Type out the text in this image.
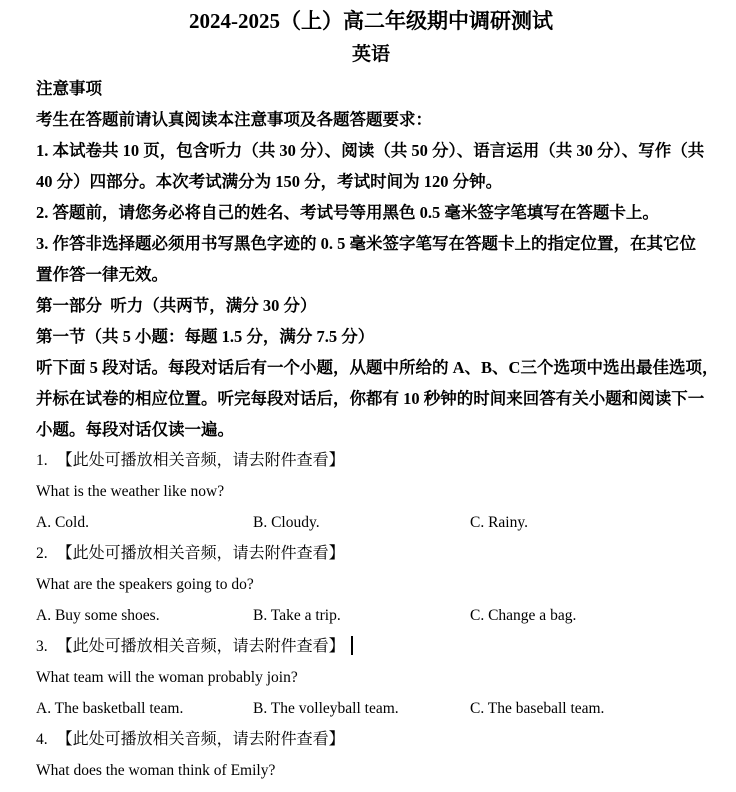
2024-2025（上）高二年级期中调研测试
英语
注意事项
考生在答题前请认真阅读本注意事项及各题答题要求：
1. 本试卷共 10 页，包含听力（共 30 分）、阅读（共 50 分）、语言运用（共 30 分）、写作（共
40 分）四部分。本次考试满分为 150 分，考试时间为 120 分钟。
2. 答题前，请您务必将自己的姓名、考试号等用黑色 0.5 毫米签字笔填写在答题卡上。
3. 作答非选择题必须用书写黑色字迹的 0. 5 毫米签字笔写在答题卡上的指定位置，在其它位
置作答一律无效。
第一部分  听力（共两节，满分 30 分）
第一节（共 5 小题：每题 1.5 分，满分 7.5 分）
听下面 5 段对话。每段对话后有一个小题，从题中所给的 A、B、C三个选项中选出最佳选项，
并标在试卷的相应位置。听完每段对话后，你都有 10 秒钟的时间来回答有关小题和阅读下一
小题。每段对话仅读一遍。
1. 【此处可播放相关音频，请去附件查看】
What is the weather like now?
A. Cold.	B. Cloudy.	C. Rainy.
2. 【此处可播放相关音频，请去附件查看】
What are the speakers going to do?
A. Buy some shoes.	B. Take a trip.	C. Change a bag.
3. 【此处可播放相关音频，请去附件查看】
What team will the woman probably join?
A. The basketball team.	B. The volleyball team.	C. The baseball team.
4. 【此处可播放相关音频，请去附件查看】
What does the woman think of Emily?
